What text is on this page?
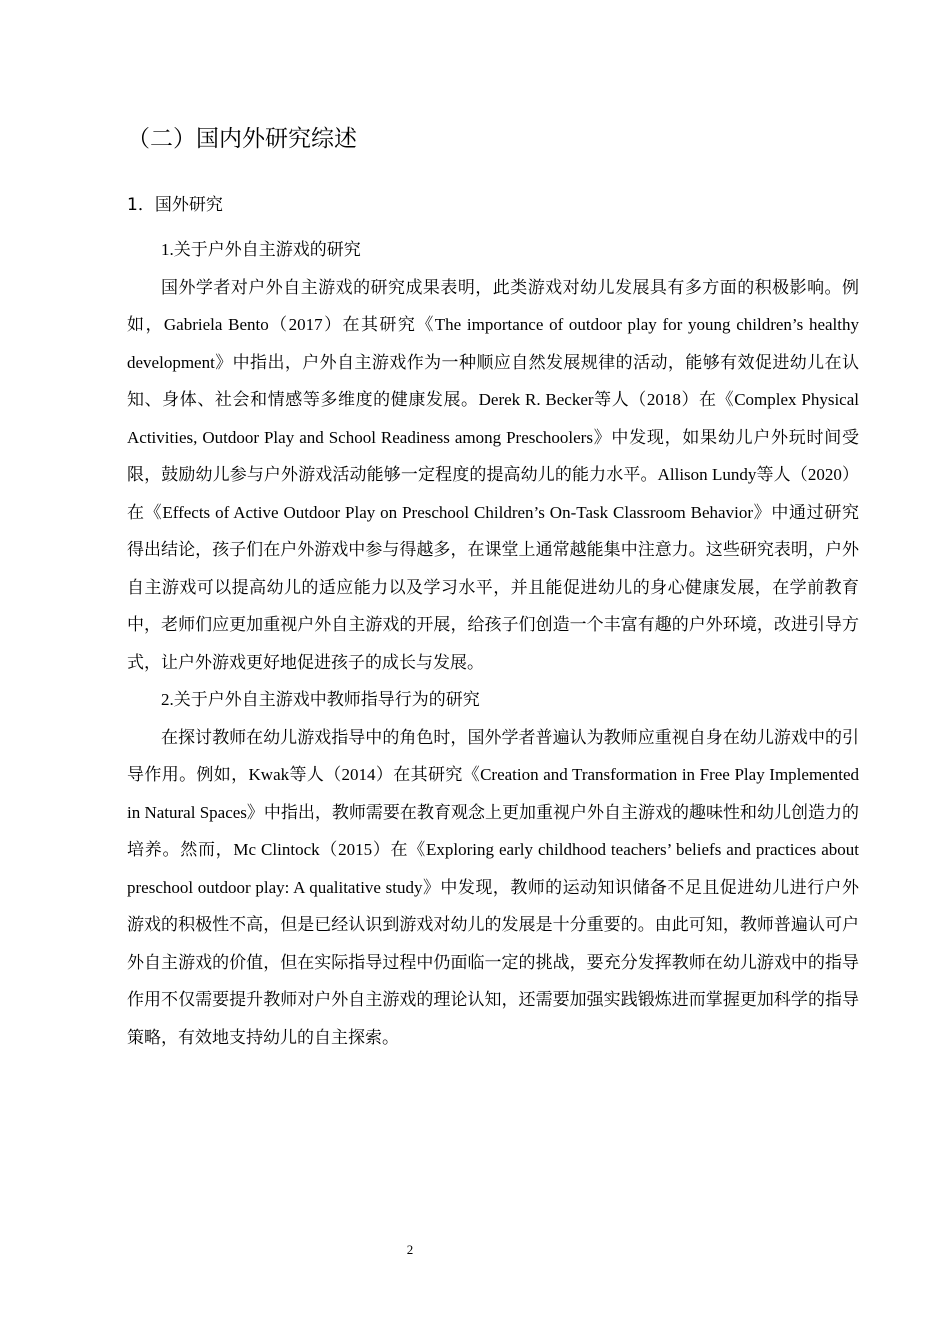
（二）国内外研究综述
1．国外研究

1.关于户外自主游戏的研究

国外学者对户外自主游戏的研究成果表明，此类游戏对幼儿发展具有多方面的积极影响。例如，Gabriela Bento（2017）在其研究《The importance of outdoor play for young children’s healthy development》中指出，户外自主游戏作为一种顺应自然发展规律的活动，能够有效促进幼儿在认知、身体、社会和情感等多维度的健康发展。Derek R. Becker等人（2018）在《Complex Physical Activities, Outdoor Play and School Readiness among Preschoolers》中发现，如果幼儿户外玩时间受限，鼓励幼儿参与户外游戏活动能够一定程度的提高幼儿的能力水平。Allison Lundy等人（2020）在《Effects of Active Outdoor Play on Preschool Children’s On-Task Classroom Behavior》中通过研究得出结论，孩子们在户外游戏中参与得越多，在课堂上通常越能集中注意力。这些研究表明，户外自主游戏可以提高幼儿的适应能力以及学习水平，并且能促进幼儿的身心健康发展，在学前教育中，老师们应更加重视户外自主游戏的开展，给孩子们创造一个丰富有趣的户外环境，改进引导方式，让户外游戏更好地促进孩子的成长与发展。

2.关于户外自主游戏中教师指导行为的研究

在探讨教师在幼儿游戏指导中的角色时，国外学者普遍认为教师应重视自身在幼儿游戏中的引导作用。例如，Kwak等人（2014）在其研究《Creation and Transformation in Free Play Implemented in Natural Spaces》中指出，教师需要在教育观念上更加重视户外自主游戏的趣味性和幼儿创造力的培养。然而，Mc Clintock（2015）在《Exploring early childhood teachers’ beliefs and practices about preschool outdoor play: A qualitative study》中发现，教师的运动知识储备不足且促进幼儿进行户外游戏的积极性不高，但是已经认识到游戏对幼儿的发展是十分重要的。由此可知，教师普遍认可户外自主游戏的价值，但在实际指导过程中仍面临一定的挑战，要充分发挥教师在幼儿游戏中的指导作用不仅需要提升教师对户外自主游戏的理论认知，还需要加强实践锻炼进而掌握更加科学的指导策略，有效地支持幼儿的自主探索。

2
